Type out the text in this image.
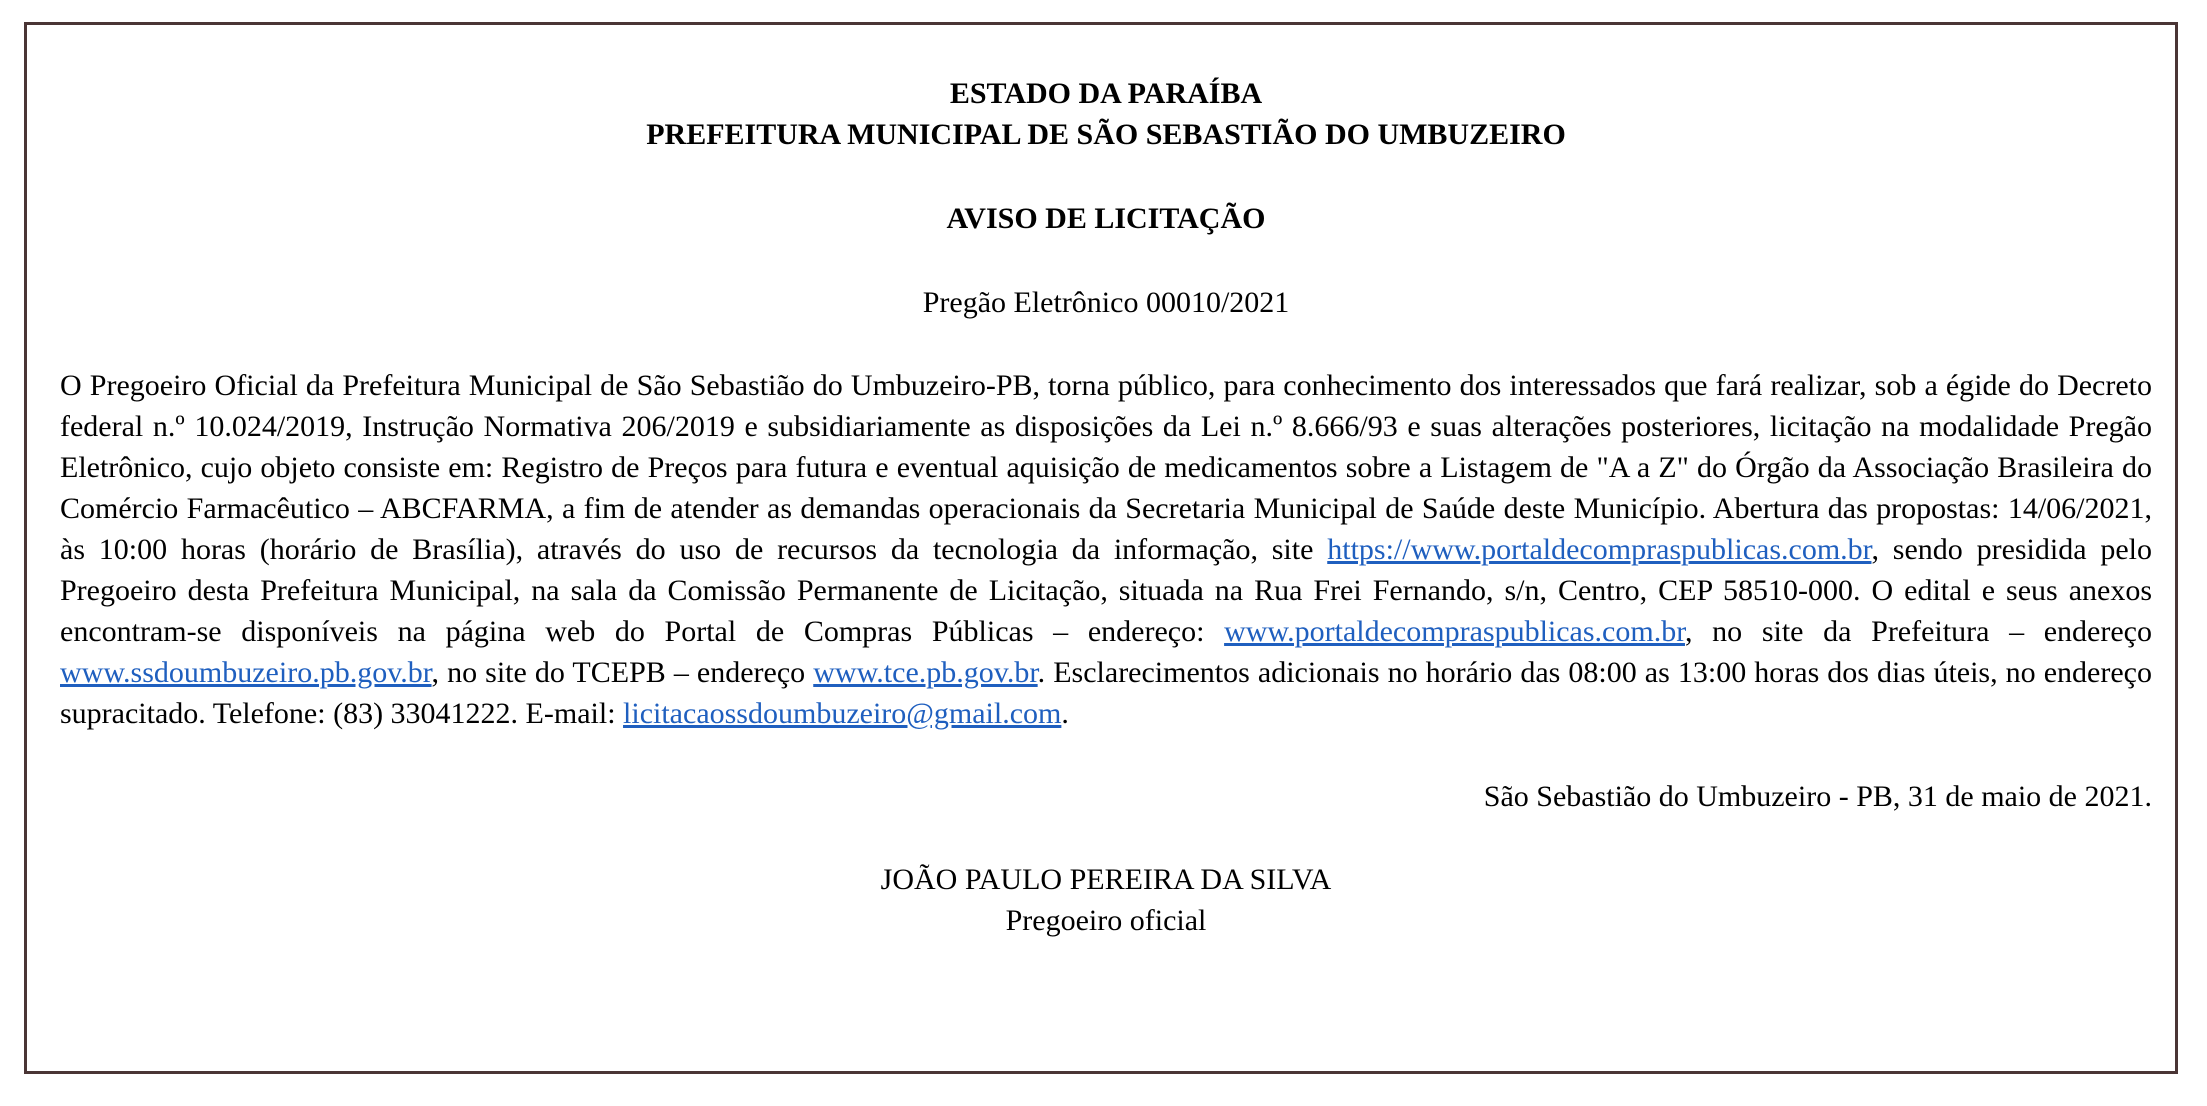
ESTADO DA PARAÍBA
PREFEITURA MUNICIPAL DE SÃO SEBASTIÃO DO UMBUZEIRO
AVISO DE LICITAÇÃO
Pregão Eletrônico 00010/2021
O Pregoeiro Oficial da Prefeitura Municipal de São Sebastião do Umbuzeiro-PB, torna público, para conhecimento dos interessados que fará realizar, sob a égide do Decreto federal n.º 10.024/2019, Instrução Normativa 206/2019 e subsidiariamente as disposições da Lei n.º 8.666/93 e suas alterações posteriores, licitação na modalidade Pregão Eletrônico, cujo objeto consiste em: Registro de Preços para futura e eventual aquisição de medicamentos sobre a Listagem de "A a Z" do Órgão da Associação Brasileira do Comércio Farmacêutico – ABCFARMA, a fim de atender as demandas operacionais da Secretaria Municipal de Saúde deste Município. Abertura das propostas: 14/06/2021, às 10:00 horas (horário de Brasília), através do uso de recursos da tecnologia da informação, site https://www.portaldecompraspublicas.com.br, sendo presidida pelo Pregoeiro desta Prefeitura Municipal, na sala da Comissão Permanente de Licitação, situada na Rua Frei Fernando, s/n, Centro, CEP 58510-000. O edital e seus anexos encontram-se disponíveis na página web do Portal de Compras Públicas – endereço: www.portaldecompraspublicas.com.br, no site da Prefeitura – endereço www.ssdoumbuzeiro.pb.gov.br, no site do TCEPB – endereço www.tce.pb.gov.br. Esclarecimentos adicionais no horário das 08:00 as 13:00 horas dos dias úteis, no endereço supracitado. Telefone: (83) 33041222. E-mail: licitacaossdoumbuzeiro@gmail.com.
São Sebastião do Umbuzeiro - PB, 31 de maio de 2021.
JOÃO PAULO PEREIRA DA SILVA
Pregoeiro oficial
